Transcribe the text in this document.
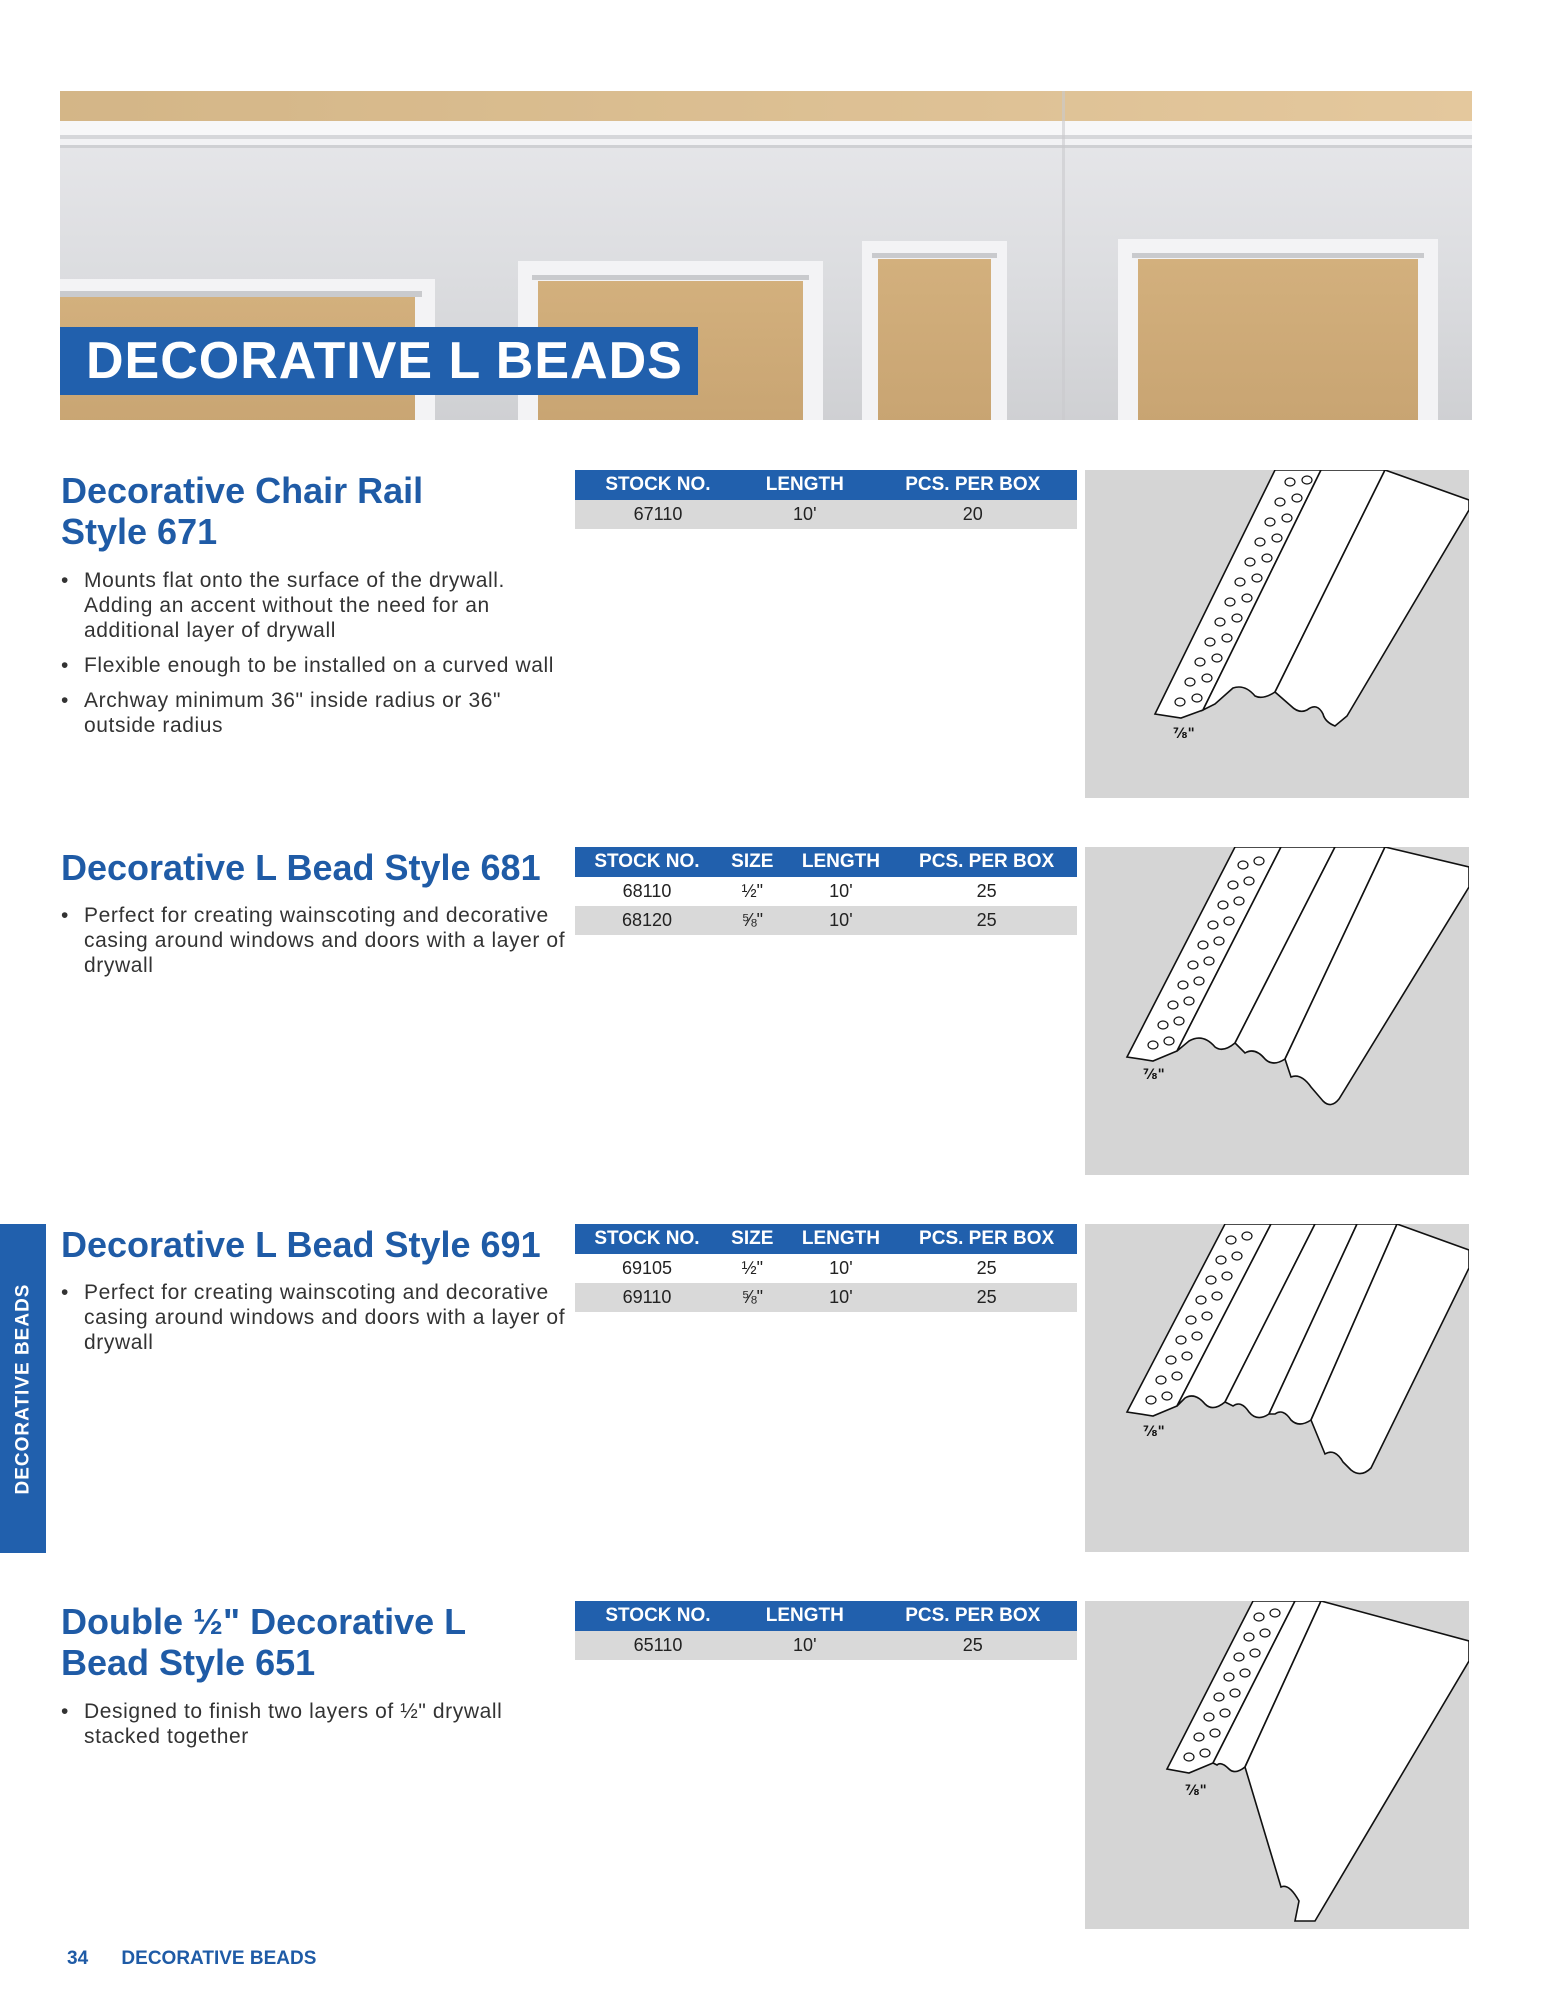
DECORATIVE L BEADS
DECORATIVE BEADS
Decorative Chair Rail
Style 671
• Mounts flat onto the surface of the drywall. Adding an accent without the need for an additional layer of drywall
• Flexible enough to be installed on a curved wall
• Archway minimum 36" inside radius or 36" outside radius
STOCK NO.	LENGTH	PCS. PER BOX
67110	10'	20
⅞"
Decorative L Bead Style 681
• Perfect for creating wainscoting and decorative casing around windows and doors with a layer of drywall
STOCK NO.	SIZE	LENGTH	PCS. PER BOX
68110	½"	10'	25
68120	⅝"	10'	25
⅞"
Decorative L Bead Style 691
• Perfect for creating wainscoting and decorative casing around windows and doors with a layer of drywall
STOCK NO.	SIZE	LENGTH	PCS. PER BOX
69105	½"	10'	25
69110	⅝"	10'	25
⅞"
Double ½" Decorative L
Bead Style 651
• Designed to finish two layers of ½" drywall stacked together
STOCK NO.	LENGTH	PCS. PER BOX
65110	10'	25
⅞"
34 DECORATIVE BEADS
